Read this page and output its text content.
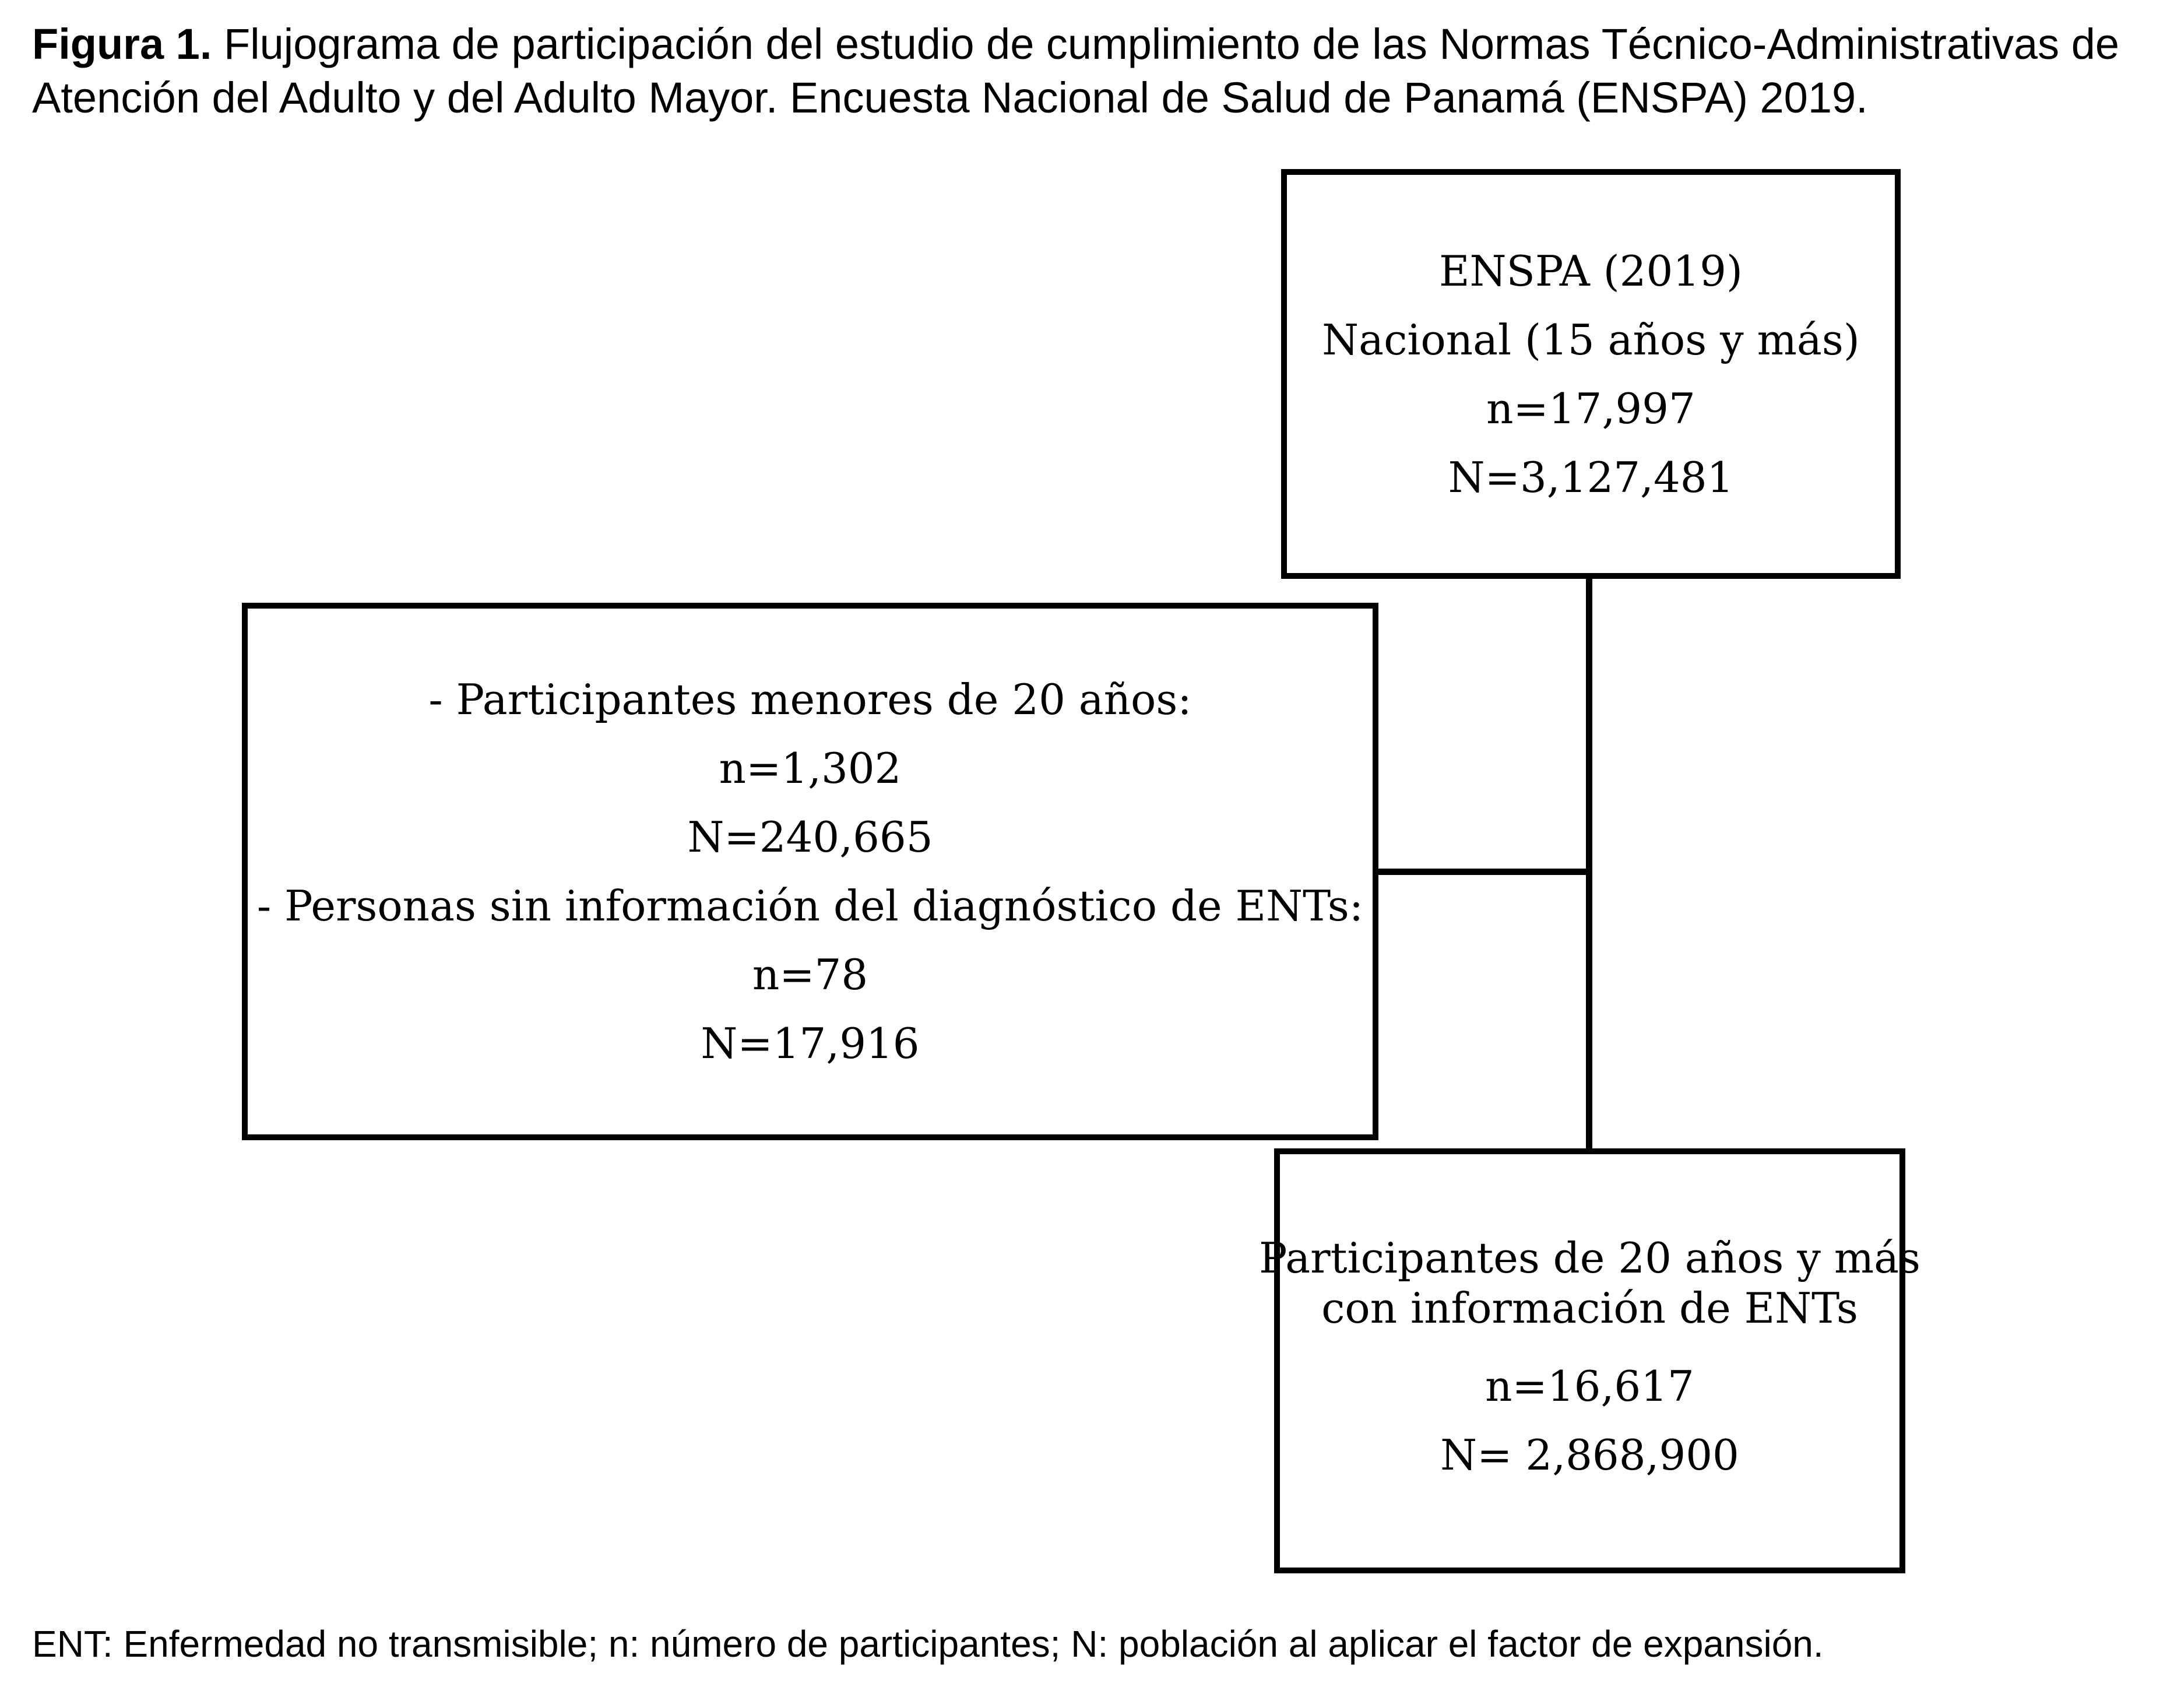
Figura 1. Flujograma de participación del estudio de cumplimiento de las Normas Técnico-Administrativas de Atención del Adulto y del Adulto Mayor. Encuesta Nacional de Salud de Panamá (ENSPA) 2019.
ENSPA (2019)
Nacional (15 años y más)
n=17,997
N=3,127,481
- Participantes menores de 20 años:
n=1,302
N=240,665
- Personas sin información del diagnóstico de ENTs:
n=78
N=17,916
Participantes de 20 años y más
con información de ENTs
n=16,617
N= 2,868,900
ENT: Enfermedad no transmisible; n: número de participantes; N: población al aplicar el factor de expansión.
